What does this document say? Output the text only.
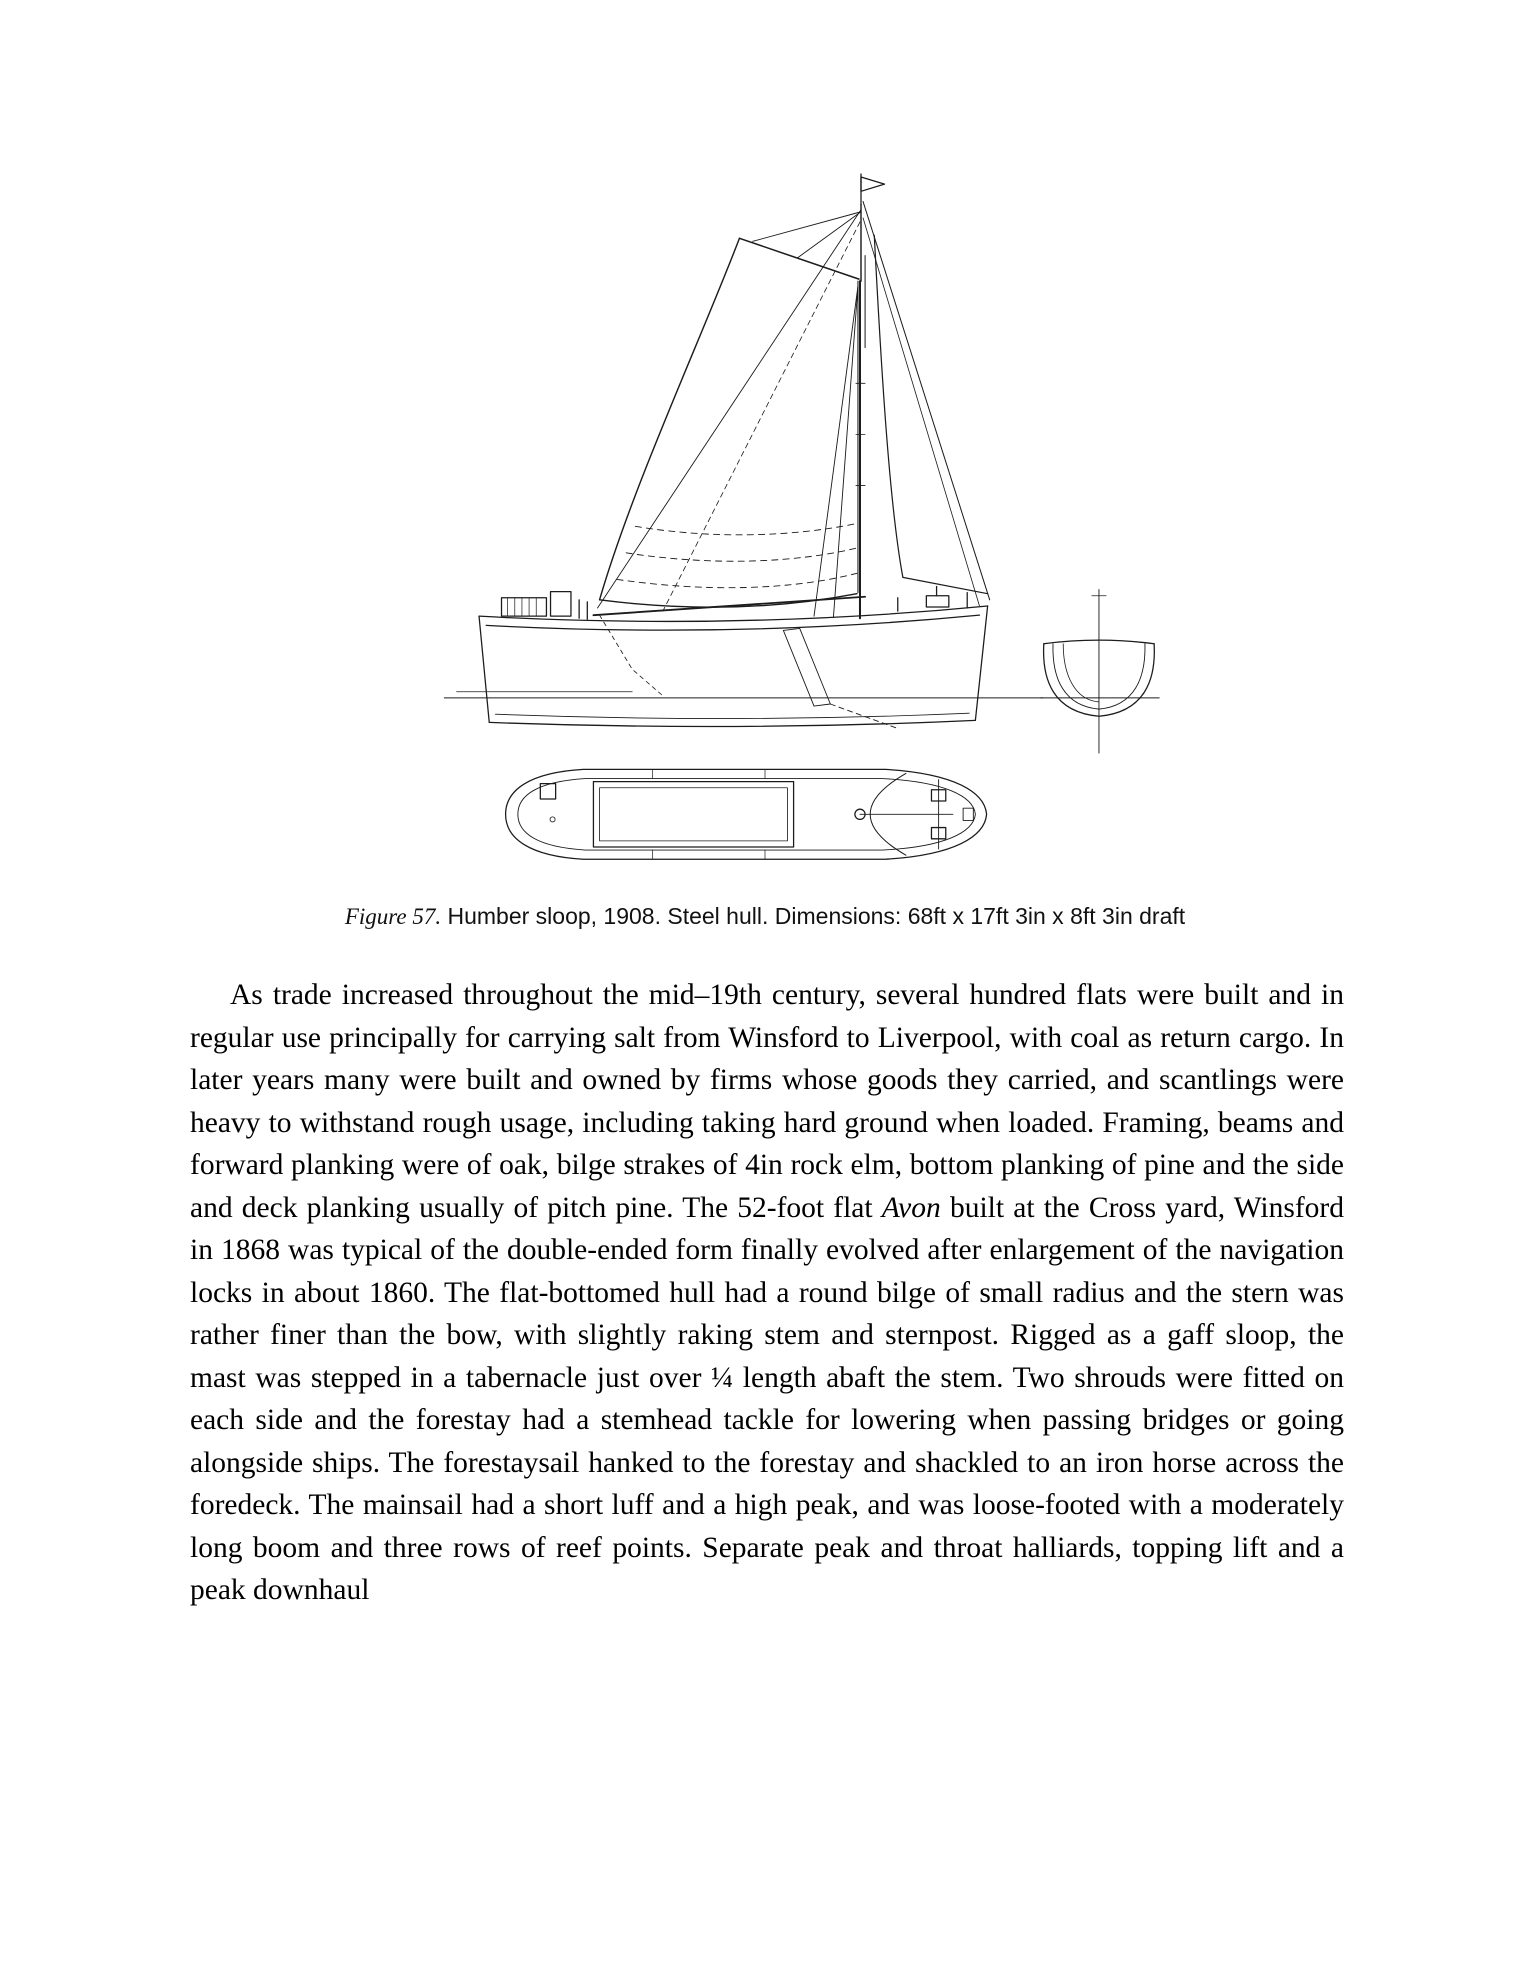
Figure 57. Humber sloop, 1908. Steel hull. Dimensions: 68ft x 17ft 3in x 8ft 3in draft

As trade increased throughout the mid–19th century, several hundred flats were built and in regular use principally for carrying salt from Winsford to Liverpool, with coal as return cargo. In later years many were built and owned by firms whose goods they carried, and scantlings were heavy to withstand rough usage, including taking hard ground when loaded. Framing, beams and forward planking were of oak, bilge strakes of 4in rock elm, bottom planking of pine and the side and deck planking usually of pitch pine. The 52-foot flat Avon built at the Cross yard, Winsford in 1868 was typical of the double-ended form finally evolved after enlargement of the navigation locks in about 1860. The flat-bottomed hull had a round bilge of small radius and the stern was rather finer than the bow, with slightly raking stem and sternpost. Rigged as a gaff sloop, the mast was stepped in a tabernacle just over ¼ length abaft the stem. Two shrouds were fitted on each side and the forestay had a stemhead tackle for lowering when passing bridges or going alongside ships. The forestaysail hanked to the forestay and shackled to an iron horse across the foredeck. The mainsail had a short luff and a high peak, and was loose-footed with a moderately long boom and three rows of reef points. Separate peak and throat halliards, topping lift and a peak downhaul
